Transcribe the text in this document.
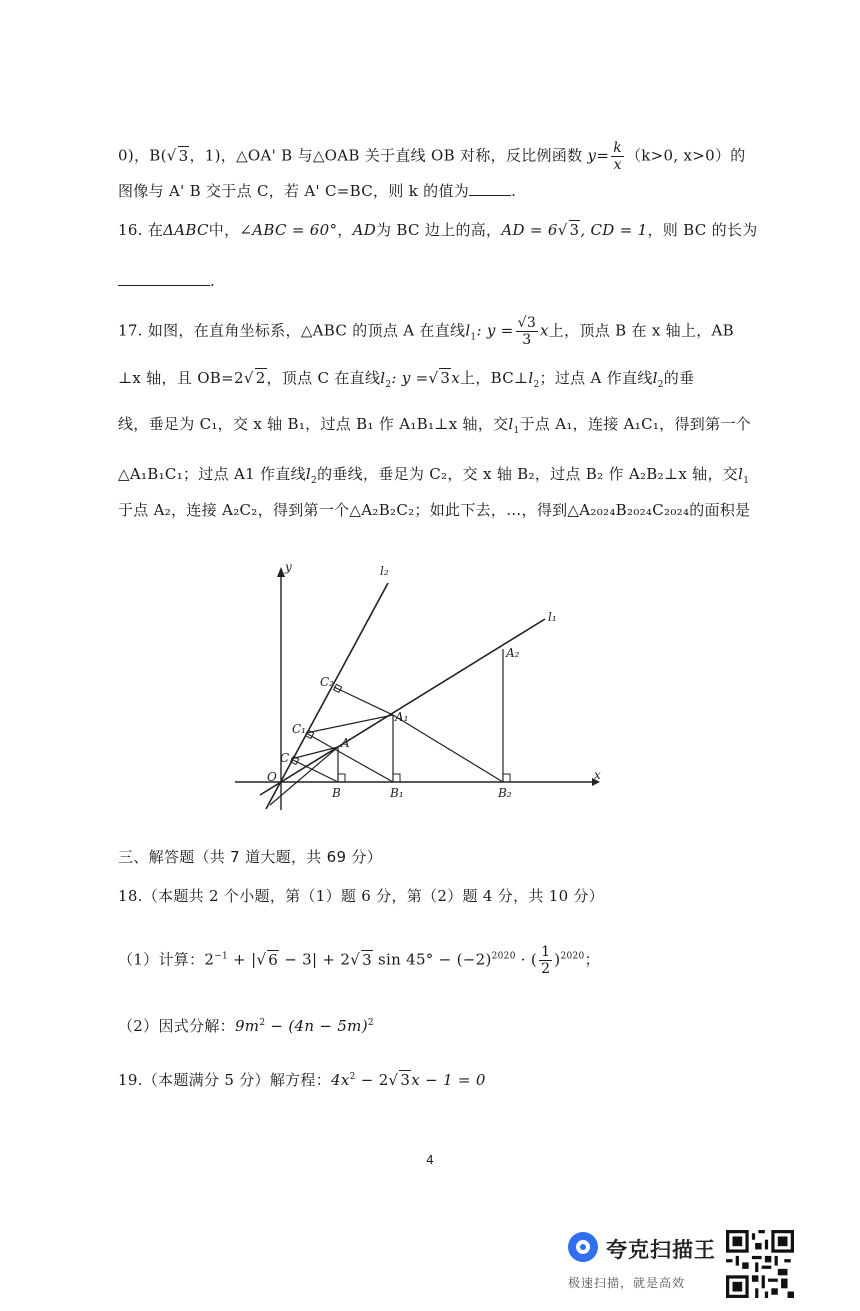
0)，B(√ 3，1)，△OA' B 与△OAB 关于直线 OB 对称，反比例函数 $y= \frac{k}{x} (k>0$, x>0）的
图像与 A' B 交于点 C，若 A' C=BC，则 k 的值为	.
16. 在ΔABC中，∠ABC = 60°，AD为 BC 边上的高，AD = 6√ 3, CD = 1，则 BC 的长为
.
17. 如图，在直角坐标系，△ABC 的顶点 A 在直线$l_1$: $y = \frac{√3}{3}$ x上，顶点 B 在 x 轴上，AB
⊥x 轴，且 OB=2√ 2，顶点 C 在直线$l_2$: y =√ 3x上，$BC\perp l_2$；过点 A 作直线$l_2$的垂
线，垂足为 C₁，交 x 轴 B₁，过点 B₁ 作 A₁B₁⊥x 轴，交$l_1$于点 A₁，连接 A₁C₁，得到第一个
△A₁B₁C₁；过点 A1 作直线$l_2$的垂线，垂足为 C₂，交 x 轴 B₂，过点 B₂ 作 A₂B₂⊥x 轴，交$l_1$
于点 A₂，连接 A₂C₂，得到第一个△A₂B₂C₂；如此下去，…，得到△A₂₀₂₄B₂₀₂₄C₂₀₂₄的面积是
y
x
O
l₁
l₂
A
A₁
A₂
B	B₁	B₂
C
C₁
C₂
三、解答题（共 7 道大题，共 69 分）
18.（本题共 2 个小题，第（1）题 6 分，第（2）题 4 分，共 10 分）
（1）计算：$2^{-1}$ + |√ 6 − 3| + 2√ 3 $\sin 45^\circ - (-2)^{2020}$ · ( $\frac{1}{2} )^{2020}$；
（2）因式分解：$9m^2 - (4n - 5m)^2$
19.（本题满分 5 分）解方程：$4x^2 - 2√$ 3x − 1 = 0
4
夸克扫描王
极速扫描，就是高效
